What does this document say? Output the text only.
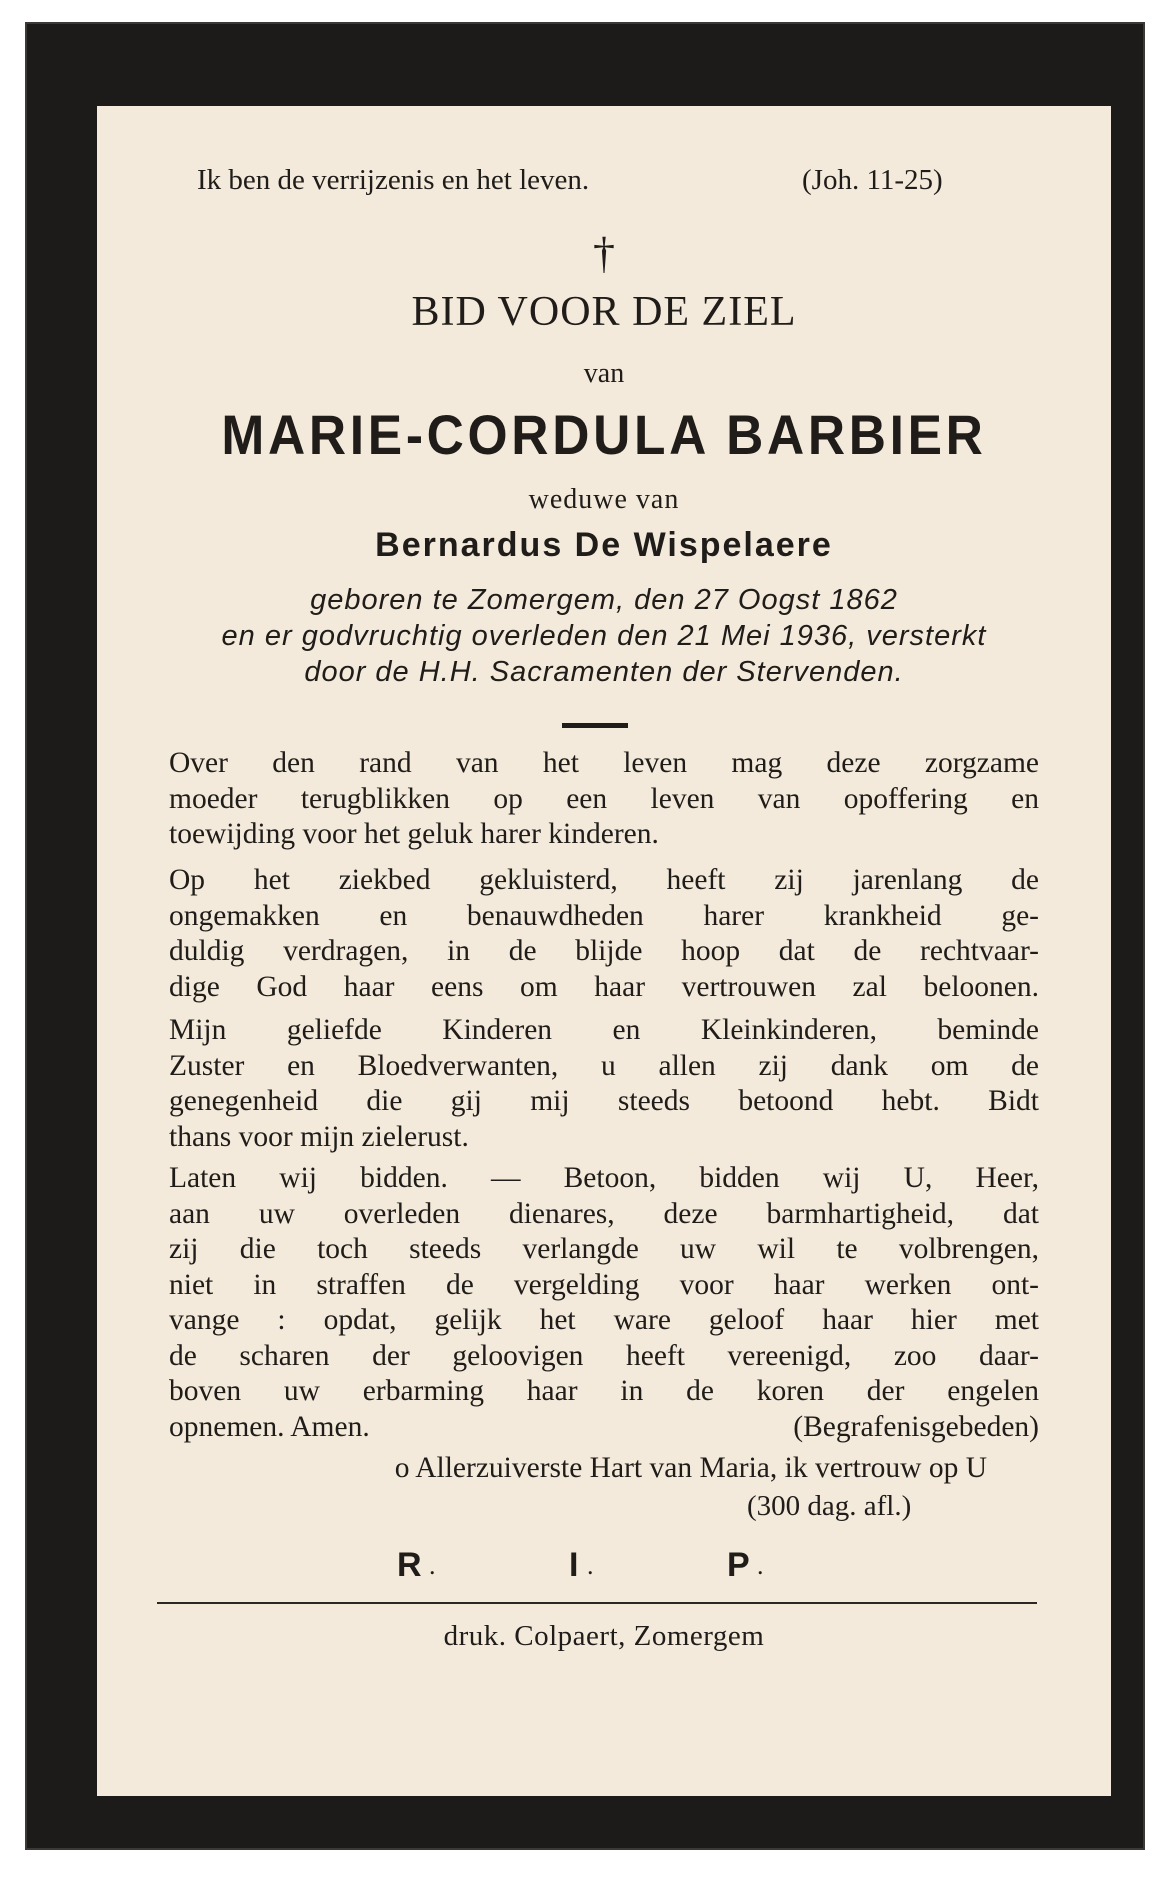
Ik ben de verrijzenis en het leven.	(Joh. 11-25)
†
BID VOOR DE ZIEL
van
MARIE-CORDULA BARBIER
weduwe van
Bernardus De Wispelaere
geboren te Zomergem, den 27 Oogst 1862
en er godvruchtig overleden den 21 Mei 1936, versterkt
door de H.H. Sacramenten der Stervenden.
Over den rand van het leven mag deze zorgzame
moeder terugblikken op een leven van opoffering en
toewijding voor het geluk harer kinderen.
Op het ziekbed gekluisterd, heeft zij jarenlang de
ongemakken en benauwdheden harer krankheid ge-
duldig verdragen, in de blijde hoop dat de rechtvaar-
dige God haar eens om haar vertrouwen zal beloonen.
Mijn geliefde Kinderen en Kleinkinderen, beminde
Zuster en Bloedverwanten, u allen zij dank om de
genegenheid die gij mij steeds betoond hebt. Bidt
thans voor mijn zielerust.
Laten wij bidden. — Betoon, bidden wij U, Heer,
aan uw overleden dienares, deze barmhartigheid, dat
zij die toch steeds verlangde uw wil te volbrengen,
niet in straffen de vergelding voor haar werken ont-
vange : opdat, gelijk het ware geloof haar hier met
de scharen der geloovigen heeft vereenigd, zoo daar-
boven uw erbarming haar in de koren der engelen
opnemen. Amen.	(Begrafenisgebeden)
o Allerzuiverste Hart van Maria, ik vertrouw op U
(300 dag. afl.)
R .	I .	P .
druk. Colpaert, Zomergem
